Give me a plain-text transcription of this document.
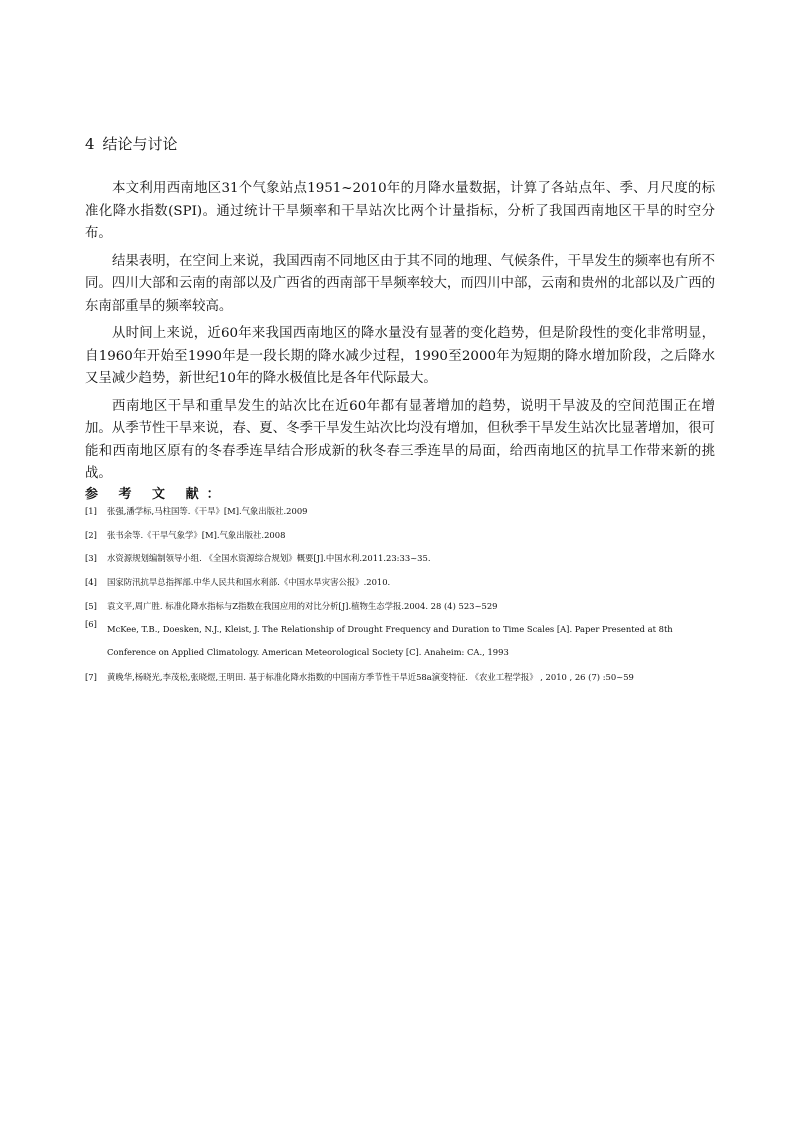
4 结论与讨论

本文利用西南地区31个气象站点1951~2010年的月降水量数据，计算了各站点年、季、月尺度的标准化降水指数(SPI)。通过统计干旱频率和干旱站次比两个计量指标，分析了我国西南地区干旱的时空分布。

结果表明，在空间上来说，我国西南不同地区由于其不同的地理、气候条件，干旱发生的频率也有所不同。四川大部和云南的南部以及广西省的西南部干旱频率较大，而四川中部，云南和贵州的北部以及广西的东南部重旱的频率较高。

从时间上来说，近60年来我国西南地区的降水量没有显著的变化趋势，但是阶段性的变化非常明显，自1960年开始至1990年是一段长期的降水减少过程，1990至2000年为短期的降水增加阶段，之后降水又呈减少趋势，新世纪10年的降水极值比是各年代际最大。

西南地区干旱和重旱发生的站次比在近60年都有显著增加的趋势，说明干旱波及的空间范围正在增加。从季节性干旱来说，春、夏、冬季干旱发生站次比均没有增加，但秋季干旱发生站次比显著增加，很可能和西南地区原有的冬春季连旱结合形成新的秋冬春三季连旱的局面，给西南地区的抗旱工作带来新的挑战。

参 考 文 献：
[1] 张强,潘学标,马柱国等.《干旱》[M].气象出版社.2009
[2] 张书余等.《干旱气象学》[M].气象出版社.2008
[3] 水资源规划编制领导小组. 《全国水资源综合规划》概要[J].中国水利.2011.23:33~35.
[4] 国家防汛抗旱总指挥部.中华人民共和国水利部.《中国水旱灾害公报》.2010.
[5] 袁文平,周广胜. 标准化降水指标与Z指数在我国应用的对比分析[J].植物生态学报.2004. 28 (4) 523~529
[6] McKee, T.B., Doesken, N.J., Kleist, J. The Relationship of Drought Frequency and Duration to Time Scales [A]. Paper Presented at 8th Conference on Applied Climatology. American Meteorological Society [C]. Anaheim: CA., 1993
[7] 黄晚华,杨晓光,李茂松,张晓煜,王明田. 基于标准化降水指数的中国南方季节性干旱近58a演变特征. 《农业工程学报》 , 2010 , 26 (7) :50~59
